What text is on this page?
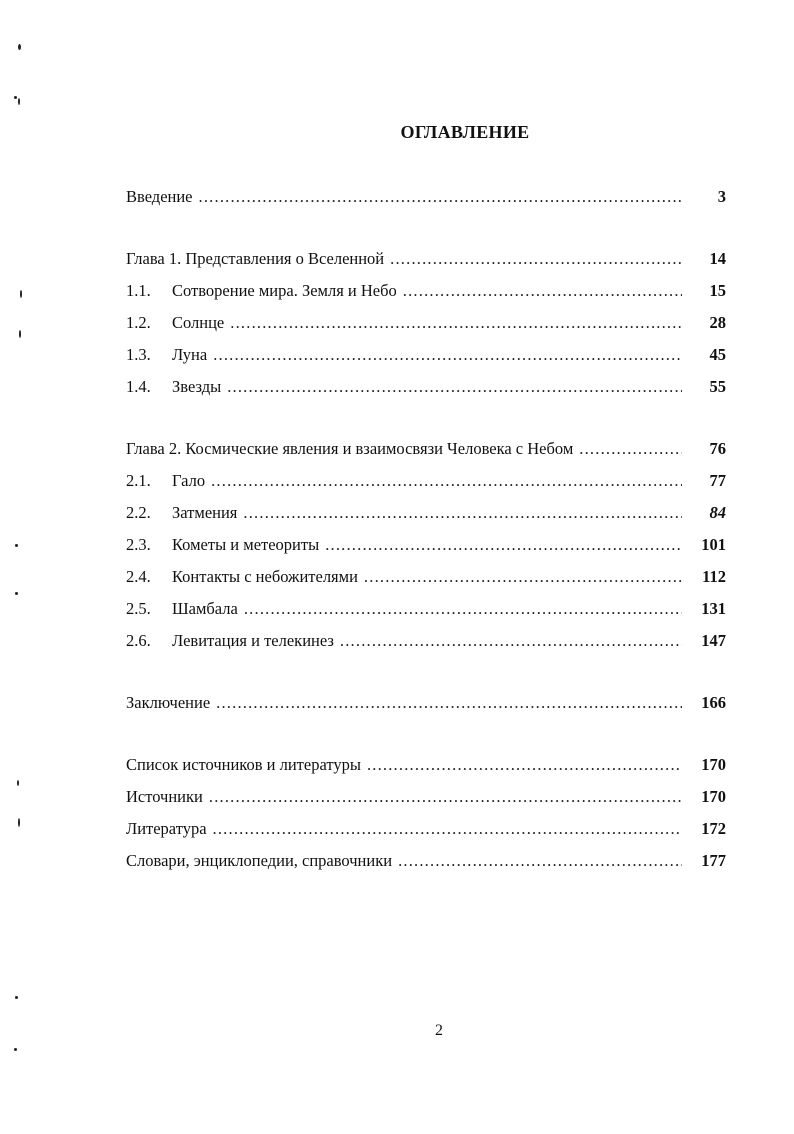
ОГЛАВЛЕНИЕ
Введение .....	3
Глава 1. Представления о Вселенной .....	14
1.1.	Сотворение мира. Земля и Небо .....	15
1.2.	Солнце .....	28
1.3.	Луна .....	45
1.4.	Звезды .....	55
Глава 2. Космические явления и взаимосвязи Человека с Небом .....	76
2.1.	Гало .....	77
2.2.	Затмения .....	84
2.3.	Кометы и метеориты .....	101
2.4.	Контакты с небожителями .....	112
2.5.	Шамбала .....	131
2.6.	Левитация и телекинез .....	147
Заключение .....	166
Список источников и литературы .....	170
Источники .....	170
Литература .....	172
Словари, энциклопедии, справочники .....	177
2
